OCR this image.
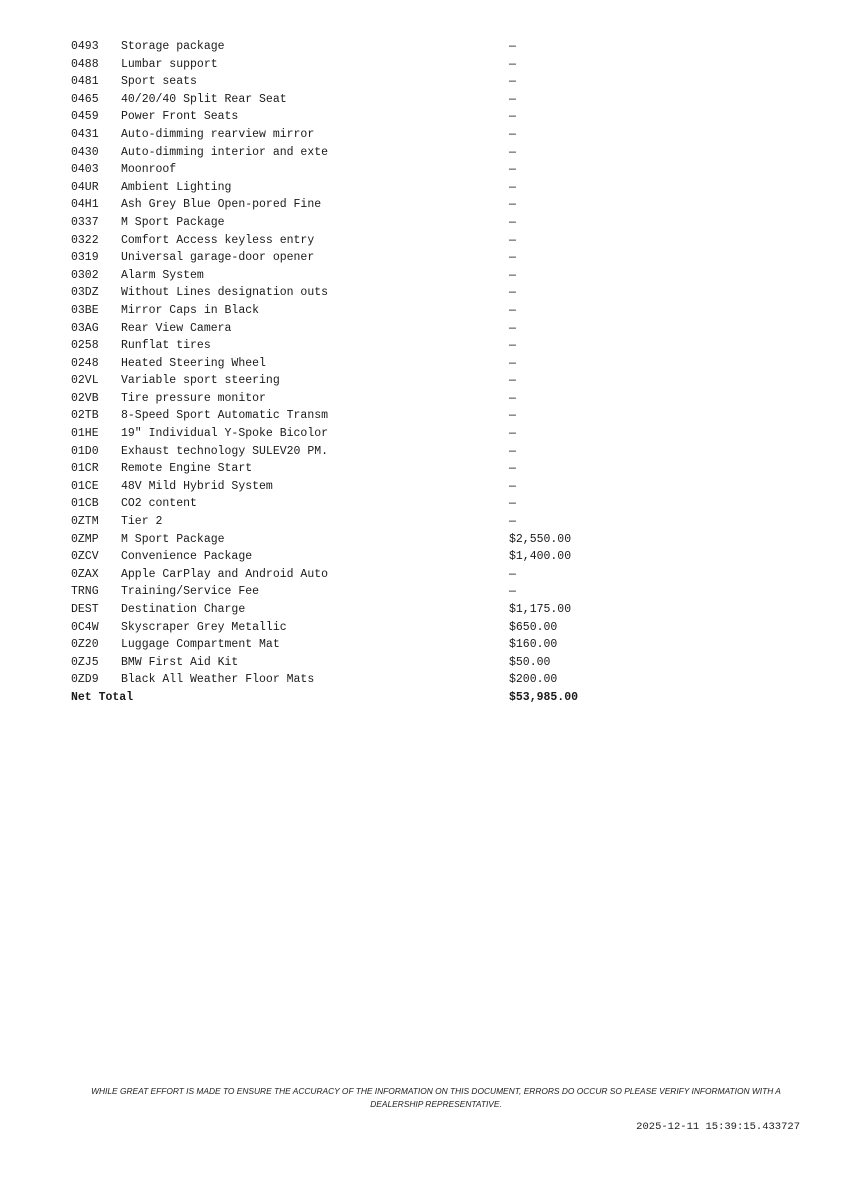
0493 Storage package	—
0488 Lumbar support	—
0481 Sport seats	—
0465 40/20/40 Split Rear Seat	—
0459 Power Front Seats	—
0431 Auto-dimming rearview mirror	—
0430 Auto-dimming interior and exte	—
0403 Moonroof	—
04UR Ambient Lighting	—
04H1 Ash Grey Blue Open-pored Fine	—
0337 M Sport Package	—
0322 Comfort Access keyless entry	—
0319 Universal garage-door opener	—
0302 Alarm System	—
03DZ Without Lines designation outs	—
03BE Mirror Caps in Black	—
03AG Rear View Camera	—
0258 Runflat tires	—
0248 Heated Steering Wheel	—
02VL Variable sport steering	—
02VB Tire pressure monitor	—
02TB 8-Speed Sport Automatic Transm	—
01HE 19" Individual Y-Spoke Bicolor	—
01D0 Exhaust technology SULEV20 PM.	—
01CR Remote Engine Start	—
01CE 48V Mild Hybrid System	—
01CB CO2 content	—
0ZTM Tier 2	—
0ZMP M Sport Package	$2,550.00
0ZCV Convenience Package	$1,400.00
0ZAX Apple CarPlay and Android Auto	—
TRNG Training/Service Fee	—
DEST Destination Charge	$1,175.00
0C4W Skyscraper Grey Metallic	$650.00
0Z20 Luggage Compartment Mat	$160.00
0ZJ5 BMW First Aid Kit	$50.00
0ZD9 Black All Weather Floor Mats	$200.00
Net Total	$53,985.00
WHILE GREAT EFFORT IS MADE TO ENSURE THE ACCURACY OF THE INFORMATION ON THIS DOCUMENT, ERRORS DO OCCUR SO PLEASE VERIFY INFORMATION WITH A DEALERSHIP REPRESENTATIVE.
2025-12-11 15:39:15.433727
